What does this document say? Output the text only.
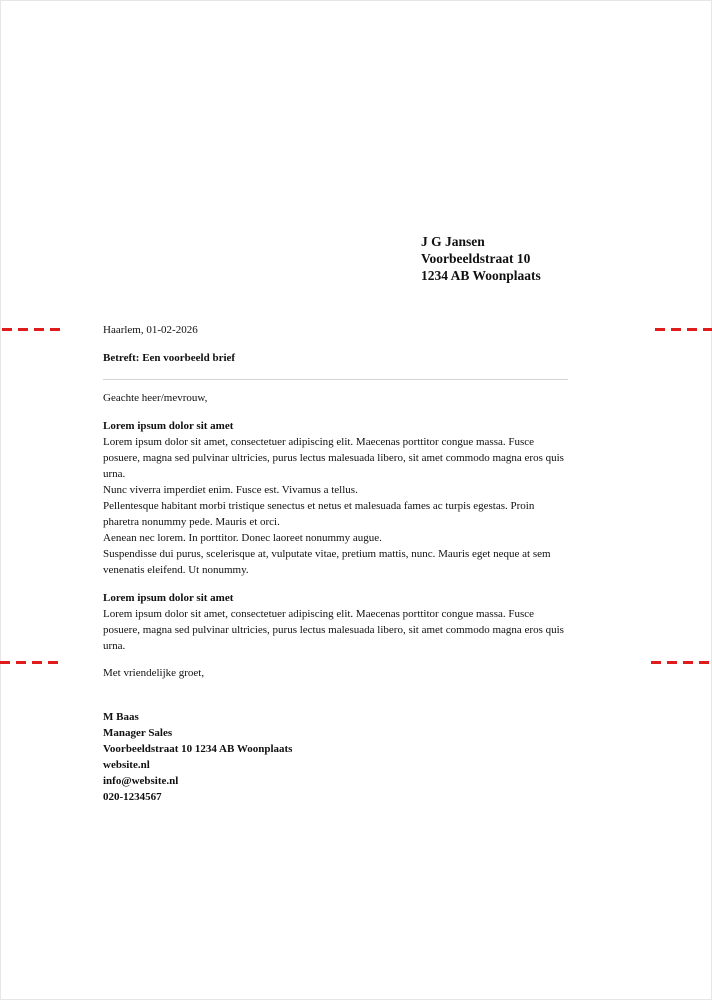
J G Jansen
Voorbeeldstraat 10
1234 AB Woonplaats
Haarlem, 01-02-2026
Betreft: Een voorbeeld brief
Geachte heer/mevrouw,
Lorem ipsum dolor sit amet

Lorem ipsum dolor sit amet, consectetuer adipiscing elit. Maecenas porttitor congue massa. Fusce posuere, magna sed pulvinar ultricies, purus lectus malesuada libero, sit amet commodo magna eros quis urna.

Nunc viverra imperdiet enim. Fusce est. Vivamus a tellus.

Pellentesque habitant morbi tristique senectus et netus et malesuada fames ac turpis egestas. Proin pharetra nonummy pede. Mauris et orci.

Aenean nec lorem. In porttitor. Donec laoreet nonummy augue.

Suspendisse dui purus, scelerisque at, vulputate vitae, pretium mattis, nunc. Mauris eget neque at sem venenatis eleifend. Ut nonummy.

Lorem ipsum dolor sit amet

Lorem ipsum dolor sit amet, consectetuer adipiscing elit. Maecenas porttitor congue massa. Fusce posuere, magna sed pulvinar ultricies, purus lectus malesuada libero, sit amet commodo magna eros quis urna.

Met vriendelijke groet,
M Baas
Manager Sales
Voorbeeldstraat 10 1234 AB Woonplaats
website.nl
info@website.nl
020-1234567
